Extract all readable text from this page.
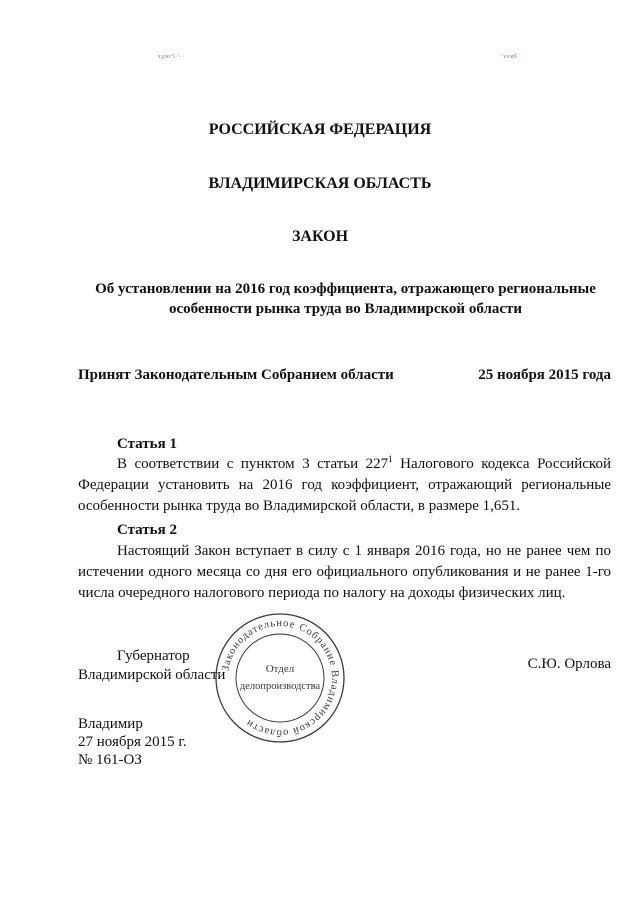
ɤдмғ5·ʹ··	·ʹɤeмß· ·
РОССИЙСКАЯ ФЕДЕРАЦИЯ
ВЛАДИМИРСКАЯ ОБЛАСТЬ
ЗАКОН
Об установлении на 2016 год коэффициента, отражающего региональные особенности рынка труда во Владимирской области
Принят Законодательным Собранием области	25 ноября 2015 года
Статья 1
В соответствии с пунктом 3 статьи $227^1$ Налогового кодекса Российской Федерации установить на 2016 год коэффициент, отражающий региональные особенности рынка труда во Владимирской области, в размере 1,651.
Статья 2
Настоящий Закон вступает в силу с 1 января 2016 года, но не ранее чем по истечении одного месяца со дня его официального опубликования и не ранее 1-го числа очередного налогового периода по налогу на доходы физических лиц.
Губернатор
Владимирской области
С.Ю. Орлова
Законодательное Собрание Владимирской области
Отдел
делопроизводства
Владимир
27 ноября 2015 г.
№ 161-ОЗ
